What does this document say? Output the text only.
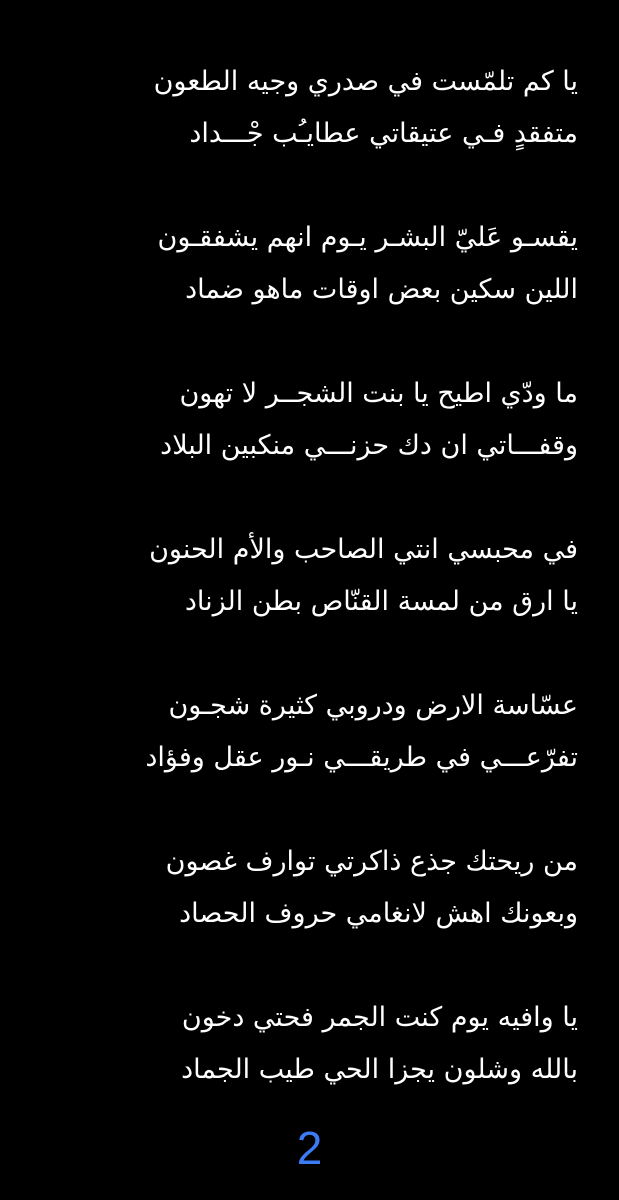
يا كم تلمّست في صدري وجيه الطعون
متفقدٍ فـي عتيقاتي عطايـُب جْـــداد
يقسـو عَليّ البشـر يـوم انهم يشفقـون
اللين سكين بعض اوقات ماهو ضماد
ما ودّي اطيح يا بنت الشجــر لا تهون
وقفـــاتي ان دك حزنـــي منكبين البلاد
في محبسي انتي الصاحب والأم الحنون
يا ارق من لمسة القنّاص بطن الزناد
عسّاسة الارض ودروبي كثيرة شجـون
تفرّعـــي في طريقـــي نـور عقل وفؤاد
من ريحتك جذع ذاكرتي توارف غصون
وبعونك اهش لانغامي حروف الحصاد
يا وافيه يوم كنت الجمر فحتي دخون
بالله وشلون يجزا الحي طيب الجماد
2
